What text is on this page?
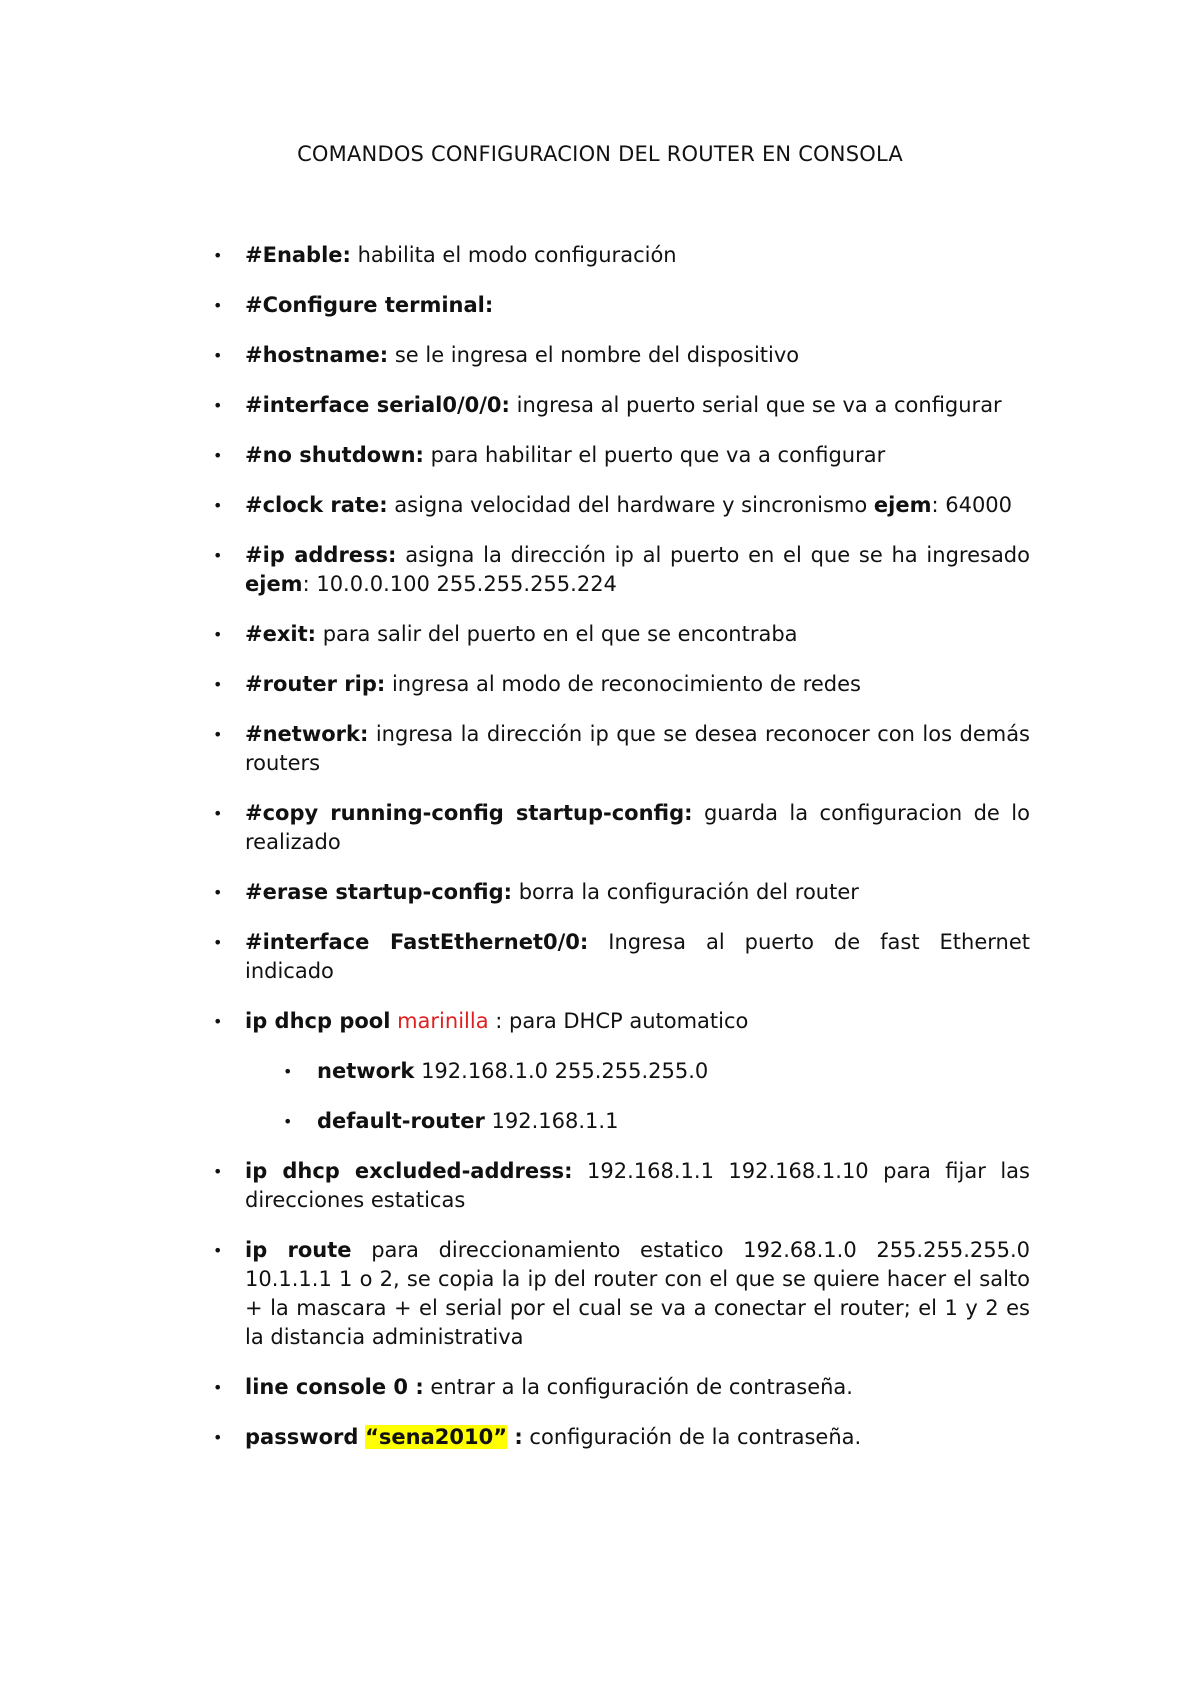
COMANDOS CONFIGURACION DEL ROUTER EN CONSOLA
• #Enable: habilita el modo configuración
• #Configure terminal:
• #hostname: se le ingresa el nombre del dispositivo
• #interface serial0/0/0: ingresa al puerto serial que se va a configurar
• #no shutdown: para habilitar el puerto que va a configurar
• #clock rate: asigna velocidad del hardware y sincronismo ejem: 64000
• #ip address: asigna la dirección ip al puerto en el que se ha ingresado ejem: 10.0.0.100 255.255.255.224
• #exit: para salir del puerto en el que se encontraba
• #router rip: ingresa al modo de reconocimiento de redes
• #network: ingresa la dirección ip que se desea reconocer con los demás routers
• #copy running-config startup-config: guarda la configuracion de lo realizado
• #erase startup-config: borra la configuración del router
• #interface FastEthernet0/0: Ingresa al puerto de fast Ethernet indicado
• ip dhcp pool marinilla : para DHCP automatico
• network 192.168.1.0 255.255.255.0
• default-router 192.168.1.1
• ip dhcp excluded-address: 192.168.1.1 192.168.1.10 para fijar las direcciones estaticas
• ip route para direccionamiento estatico 192.68.1.0 255.255.255.0 10.1.1.1 1 o 2, se copia la ip del router con el que se quiere hacer el salto + la mascara + el serial por el cual se va a conectar el router; el 1 y 2 es la distancia administrativa
• line console 0 : entrar a la configuración de contraseña.
• password “sena2010” : configuración de la contraseña.
